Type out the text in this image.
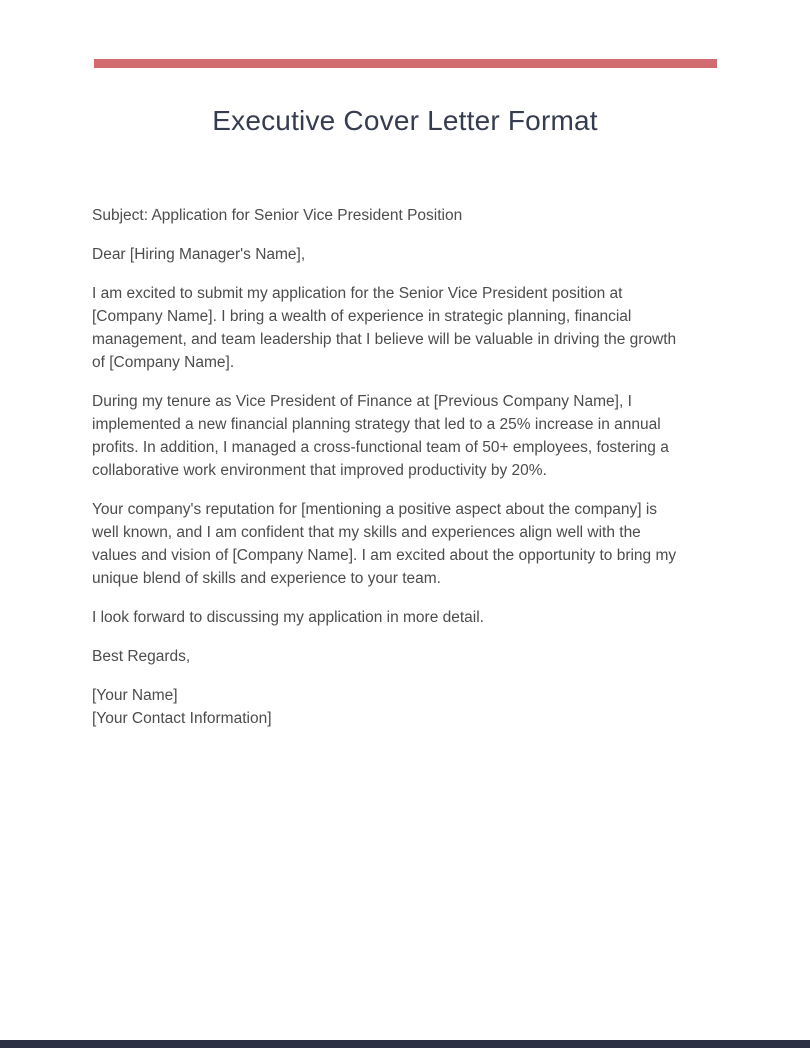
Executive Cover Letter Format

Subject: Application for Senior Vice President Position

Dear [Hiring Manager's Name],

I am excited to submit my application for the Senior Vice President position at [Company Name]. I bring a wealth of experience in strategic planning, financial management, and team leadership that I believe will be valuable in driving the growth of [Company Name].

During my tenure as Vice President of Finance at [Previous Company Name], I implemented a new financial planning strategy that led to a 25% increase in annual profits. In addition, I managed a cross-functional team of 50+ employees, fostering a collaborative work environment that improved productivity by 20%.

Your company's reputation for [mentioning a positive aspect about the company] is well known, and I am confident that my skills and experiences align well with the values and vision of [Company Name]. I am excited about the opportunity to bring my unique blend of skills and experience to your team.

I look forward to discussing my application in more detail.

Best Regards,

[Your Name]

[Your Contact Information]
